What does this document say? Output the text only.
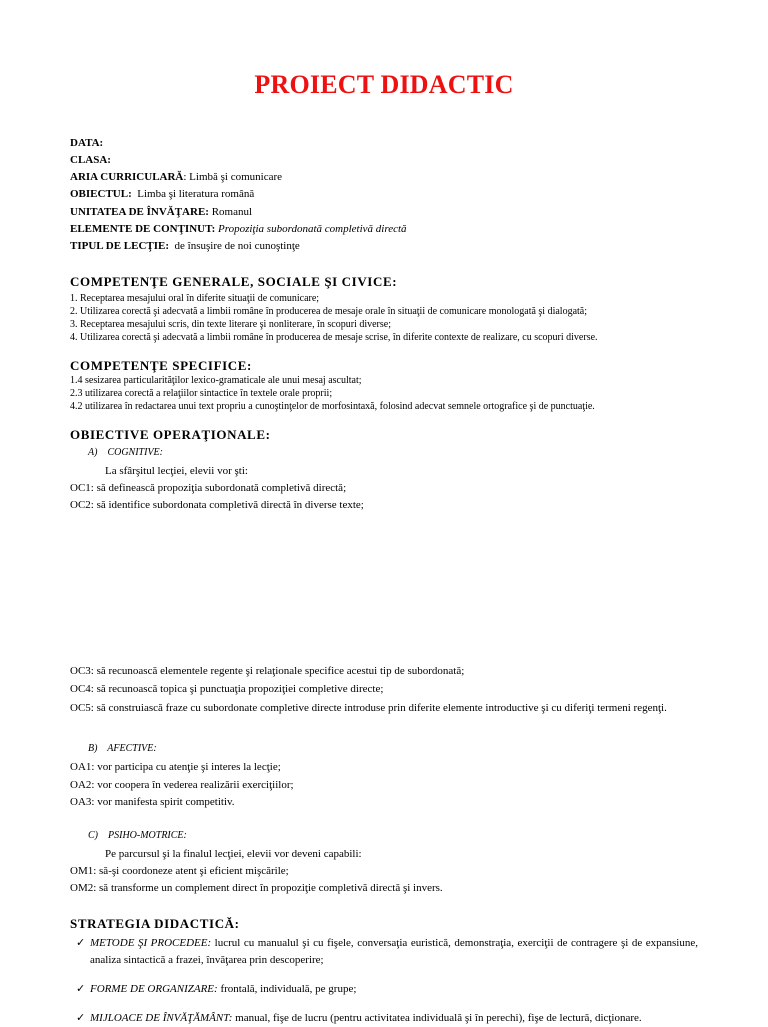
PROIECT DIDACTIC
DATA:
CLASA:
ARIA CURRICULARĂ: Limbă şi comunicare
OBIECTUL:  Limba şi literatura română
UNITATEA DE ÎNVĂŢARE: Romanul
ELEMENTE DE CONŢINUT: Propoziţia subordonată completivă directă
TIPUL DE LECŢIE:  de însuşire de noi cunoştinţe
COMPETENŢE GENERALE, SOCIALE ŞI CIVICE:
1. Receptarea mesajului oral în diferite situaţii de comunicare;
2. Utilizarea corectă şi adecvată a limbii române în producerea de mesaje orale în situaţii de comunicare monologată şi dialogată;
3. Receptarea mesajului scris, din texte literare şi nonliterare, în scopuri diverse;
4. Utilizarea corectă şi adecvată a limbii române în producerea de mesaje scrise, în diferite contexte de realizare, cu scopuri diverse.
COMPETENŢE SPECIFICE:
1.4 sesizarea particularităţilor lexico-gramaticale ale unui mesaj ascultat;
2.3 utilizarea corectă a relaţiilor sintactice în textele orale proprii;
4.2 utilizarea în redactarea unui text propriu a cunoştinţelor de morfosintaxă, folosind adecvat semnele ortografice şi de punctuaţie.
OBIECTIVE OPERAŢIONALE:
A)    COGNITIVE:
La sfârşitul lecţiei, elevii vor şti:
OC1: să definească propoziţia subordonată completivă directă;
OC2: să identifice subordonata completivă directă în diverse texte;
OC3: să recunoască elementele regente şi relaţionale specifice acestui tip de subordonată;
OC4: să recunoască topica şi punctuaţia propoziţiei completive directe;
OC5: să construiască fraze cu subordonate completive directe introduse prin diferite elemente introductive şi cu diferiţi termeni regenţi.
B)    AFECTIVE:
OA1: vor participa cu atenţie şi interes la lecţie;
OA2: vor coopera în vederea realizării exerciţiilor;
OA3: vor manifesta spirit competitiv.
C)    PSIHO-MOTRICE:
Pe parcursul şi la finalul lecţiei, elevii vor deveni capabili:
OM1: să-şi coordoneze atent şi eficient mişcările;
OM2: să transforme un complement direct în propoziţie completivă directă şi invers.
STRATEGIA DIDACTICĂ:
✓ METODE ŞI PROCEDEE: lucrul cu manualul şi cu fişele, conversaţia euristică, demonstraţia, exerciţii de contragere şi de expansiune, analiza sintactică a frazei, învăţarea prin descoperire;
✓ FORME DE ORGANIZARE: frontală, individuală, pe grupe;
✓ MIJLOACE DE ÎNVĂŢĂMÂNT: manual, fişe de lucru (pentru activitatea individuală şi în perechi), fişe de lectură, dicţionare.
